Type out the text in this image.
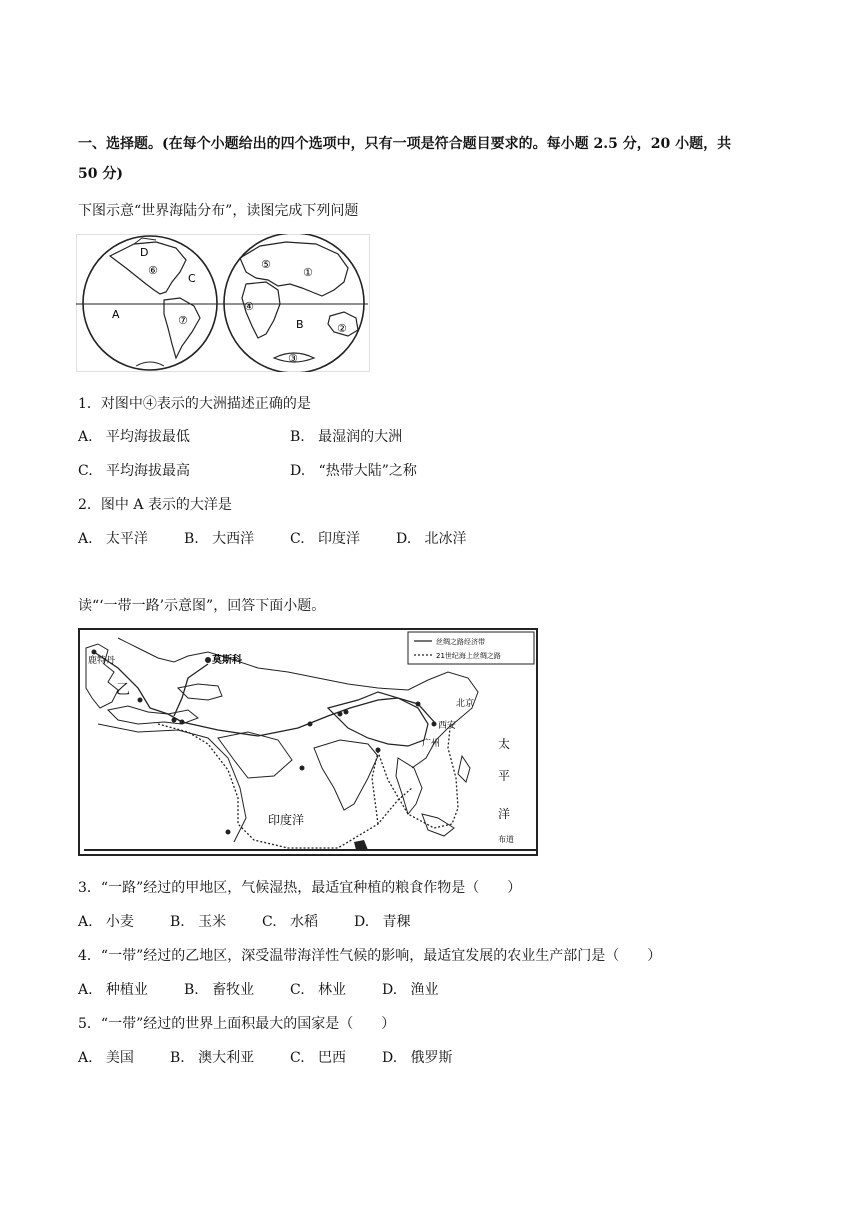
一、选择题。(在每个小题给出的四个选项中，只有一项是符合题目要求的。每小题 2.5 分，20 小题，共
50 分)
下图示意“世界海陆分布”，读图完成下列问题
A
B
C
D
①
②
③
④
⑤
⑥
⑦
1．对图中④表示的大洲描述正确的是
A. 平均海拔最低	B. 最湿润的大洲
C. 平均海拔最高	D. “热带大陆”之称
2．图中 A 表示的大洋是
A. 太平洋	B. 大西洋	C. 印度洋	D. 北冰洋
读“‘一带一路’示意图”，回答下面小题。
丝绸之路经济带
21世纪海上丝绸之路
鹿特丹	莫斯科
乙
北京
西安
广州
印度洋
太
平
洋
布道
3．“一路”经过的甲地区，气候湿热，最适宜种植的粮食作物是（　　）
A. 小麦	B. 玉米	C. 水稻	D. 青稞
4．“一带”经过的乙地区，深受温带海洋性气候的影响，最适宜发展的农业生产部门是（　　）
A. 种植业	B. 畜牧业	C. 林业	D. 渔业
5．“一带”经过的世界上面积最大的国家是（　　）
A. 美国	B. 澳大利亚	C. 巴西	D. 俄罗斯
